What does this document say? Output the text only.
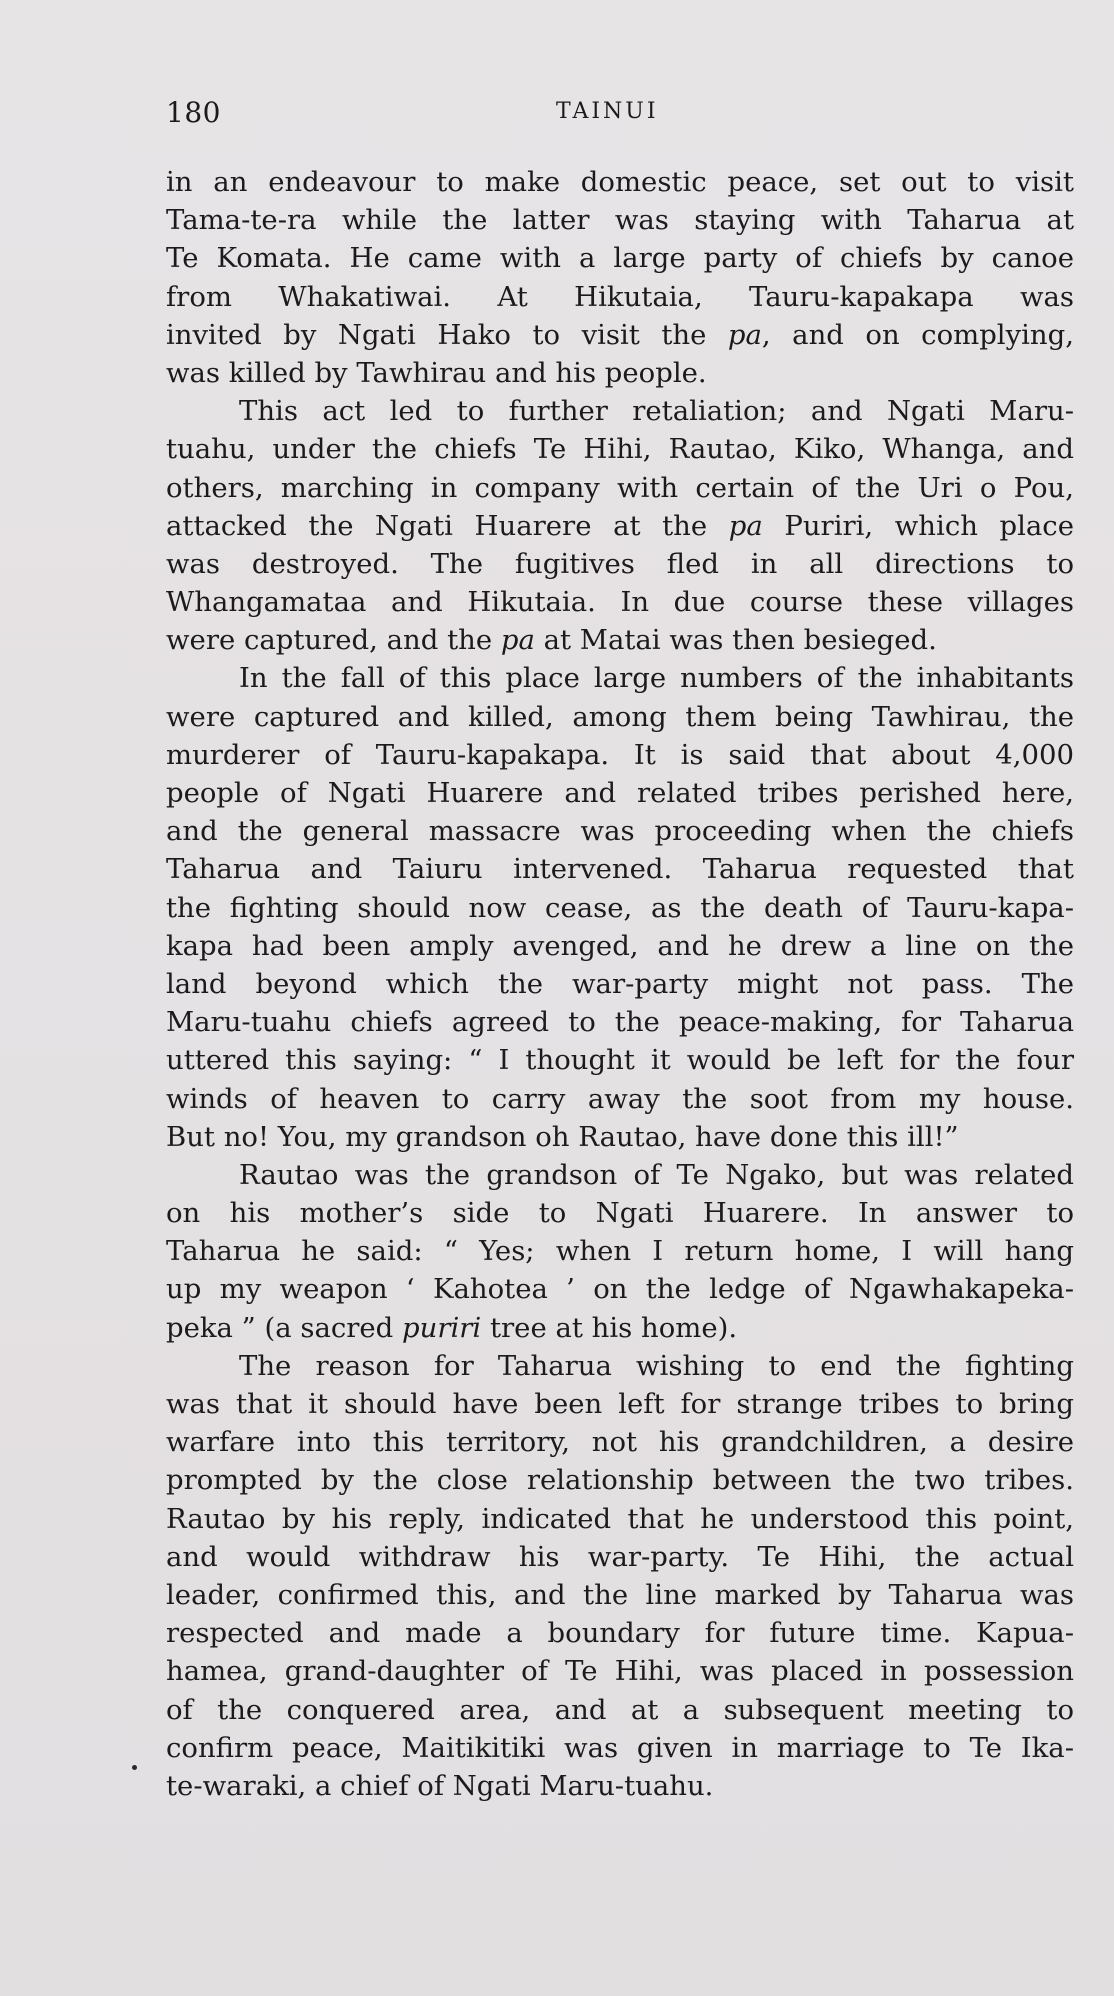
180	TAINUI
in an endeavour to make domestic peace, set out to visit
Tama-te-ra while the latter was staying with Taharua at
Te Komata. He came with a large party of chiefs by canoe
from Whakatiwai. At Hikutaia, Tauru-kapakapa was
invited by Ngati Hako to visit the pa, and on complying,
was killed by Tawhirau and his people.
This act led to further retaliation; and Ngati Maru-
tuahu, under the chiefs Te Hihi, Rautao, Kiko, Whanga, and
others, marching in company with certain of the Uri o Pou,
attacked the Ngati Huarere at the pa Puriri, which place
was destroyed. The fugitives fled in all directions to
Whangamataa and Hikutaia. In due course these villages
were captured, and the pa at Matai was then besieged.
In the fall of this place large numbers of the inhabitants
were captured and killed, among them being Tawhirau, the
murderer of Tauru-kapakapa. It is said that about 4,000
people of Ngati Huarere and related tribes perished here,
and the general massacre was proceeding when the chiefs
Taharua and Taiuru intervened. Taharua requested that
the fighting should now cease, as the death of Tauru-kapa-
kapa had been amply avenged, and he drew a line on the
land beyond which the war-party might not pass. The
Maru-tuahu chiefs agreed to the peace-making, for Taharua
uttered this saying: “ I thought it would be left for the four
winds of heaven to carry away the soot from my house.
But no! You, my grandson oh Rautao, have done this ill!”
Rautao was the grandson of Te Ngako, but was related
on his mother’s side to Ngati Huarere. In answer to
Taharua he said: “ Yes; when I return home, I will hang
up my weapon ‘ Kahotea ’ on the ledge of Ngawhakapeka-
peka ” (a sacred puriri tree at his home).
The reason for Taharua wishing to end the fighting
was that it should have been left for strange tribes to bring
warfare into this territory, not his grandchildren, a desire
prompted by the close relationship between the two tribes.
Rautao by his reply, indicated that he understood this point,
and would withdraw his war-party. Te Hihi, the actual
leader, confirmed this, and the line marked by Taharua was
respected and made a boundary for future time. Kapua-
hamea, grand-daughter of Te Hihi, was placed in possession
of the conquered area, and at a subsequent meeting to
confirm peace, Maitikitiki was given in marriage to Te Ika-
te-waraki, a chief of Ngati Maru-tuahu.
